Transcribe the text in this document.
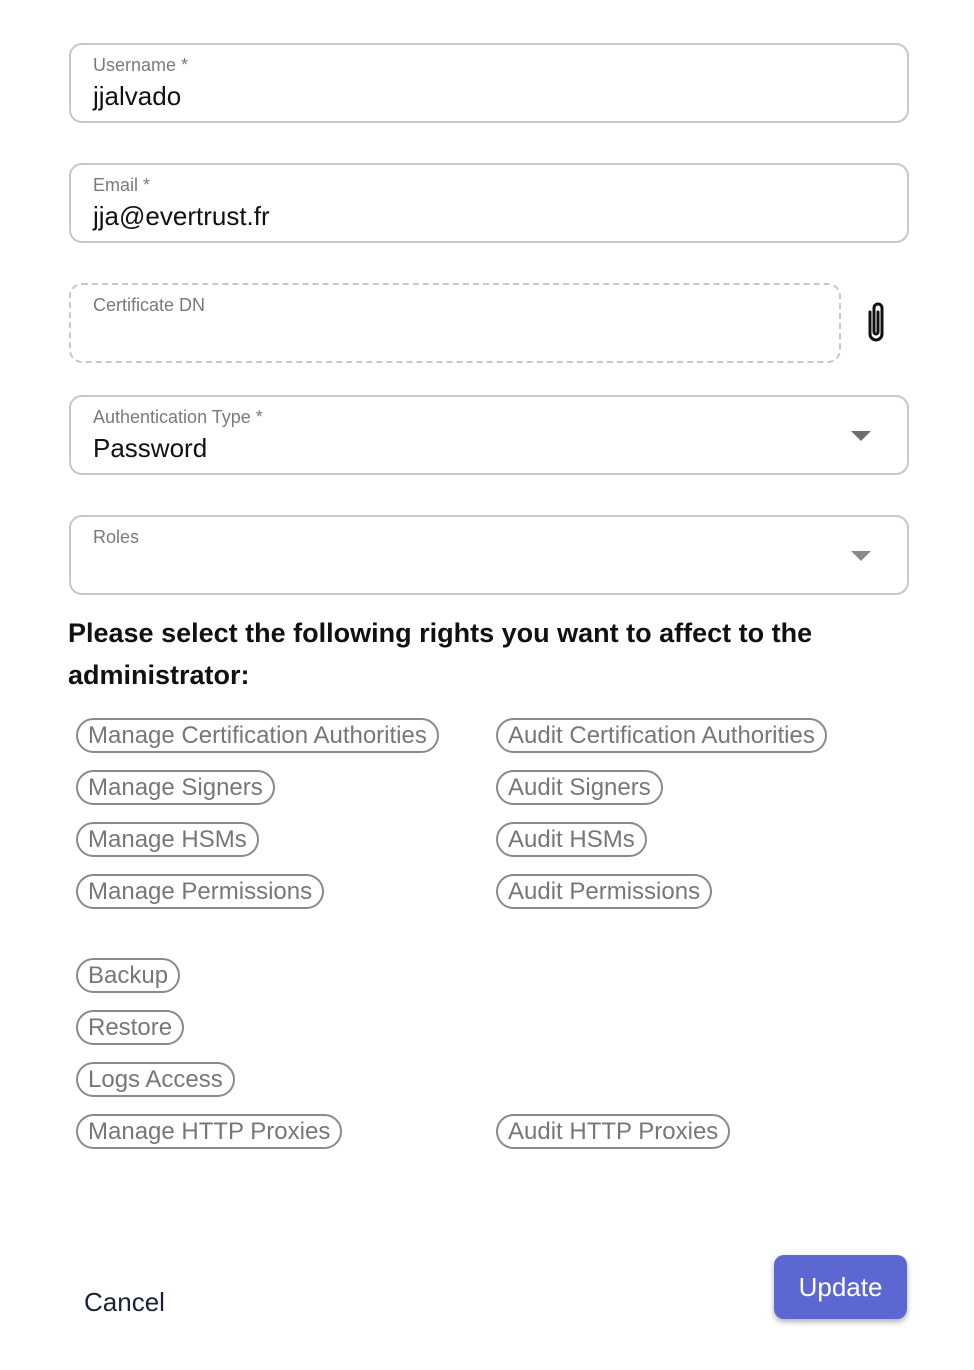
Username *
jjalvado
Email *
jja@evertrust.fr
Certificate DN
Authentication Type *
Password
Roles
Please select the following rights you want to affect to the administrator:
Manage Certification Authorities	Audit Certification Authorities
Manage Signers	Audit Signers
Manage HSMs	Audit HSMs
Manage Permissions	Audit Permissions
Backup
Restore
Logs Access
Manage HTTP Proxies	Audit HTTP Proxies
Cancel	Update
